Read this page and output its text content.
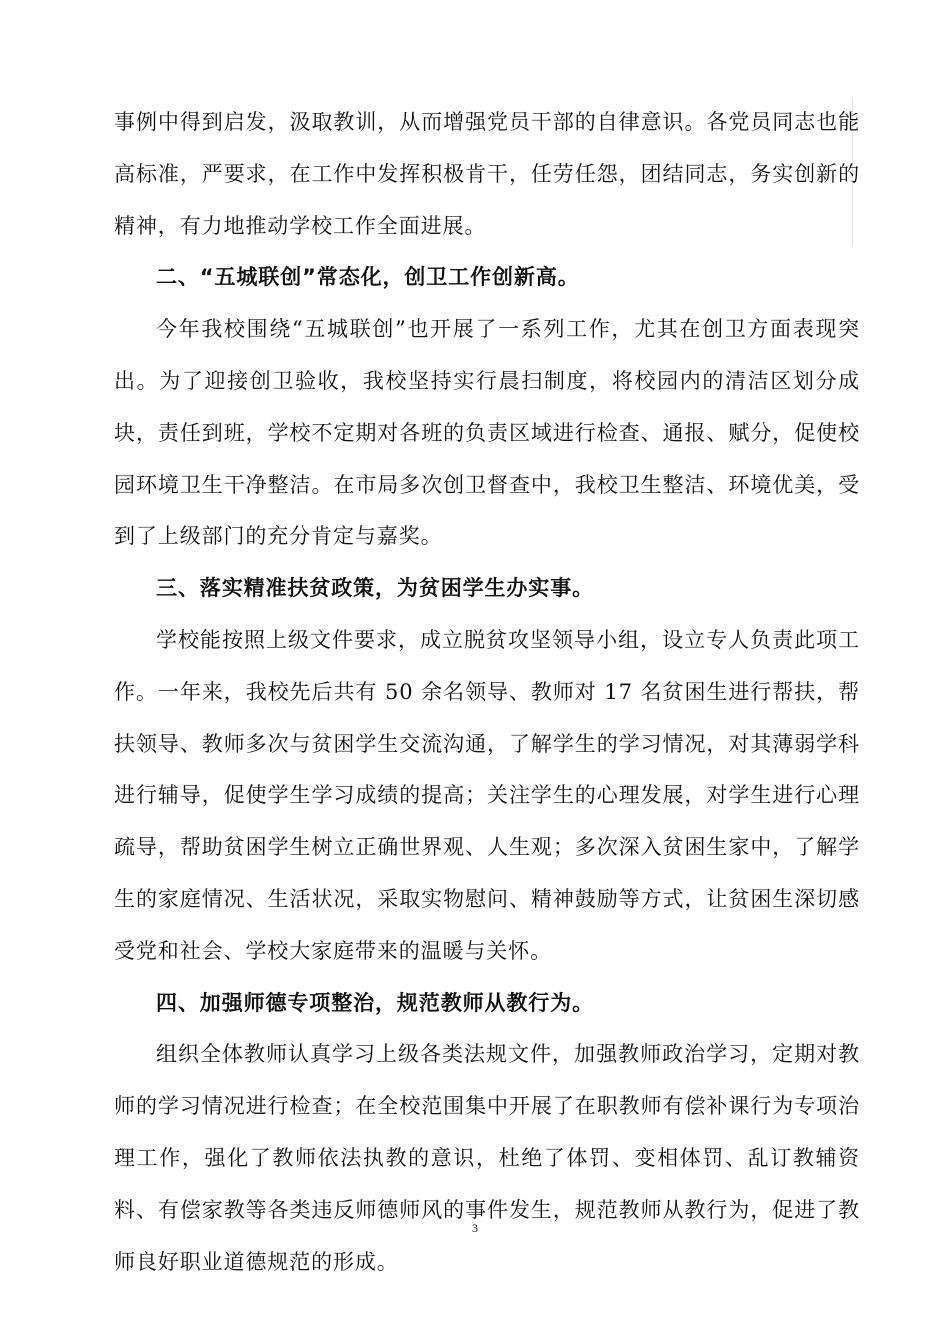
事例中得到启发，汲取教训，从而增强党员干部的自律意识。各党员同志也能高标准，严要求，在工作中发挥积极肯干，任劳任怨，团结同志，务实创新的精神，有力地推动学校工作全面进展。

二、“五城联创”常态化，创卫工作创新高。

今年我校围绕“五城联创”也开展了一系列工作，尤其在创卫方面表现突出。为了迎接创卫验收，我校坚持实行晨扫制度，将校园内的清洁区划分成块，责任到班，学校不定期对各班的负责区域进行检查、通报、赋分，促使校园环境卫生干净整洁。在市局多次创卫督查中，我校卫生整洁、环境优美，受到了上级部门的充分肯定与嘉奖。

三、落实精准扶贫政策，为贫困学生办实事。

学校能按照上级文件要求，成立脱贫攻坚领导小组，设立专人负责此项工作。一年来，我校先后共有 50 余名领导、教师对 17 名贫困生进行帮扶，帮扶领导、教师多次与贫困学生交流沟通，了解学生的学习情况，对其薄弱学科进行辅导，促使学生学习成绩的提高；关注学生的心理发展，对学生进行心理疏导，帮助贫困学生树立正确世界观、人生观；多次深入贫困生家中，了解学生的家庭情况、生活状况，采取实物慰问、精神鼓励等方式，让贫困生深切感受党和社会、学校大家庭带来的温暖与关怀。

四、加强师德专项整治，规范教师从教行为。

组织全体教师认真学习上级各类法规文件，加强教师政治学习，定期对教师的学习情况进行检查；在全校范围集中开展了在职教师有偿补课行为专项治理工作，强化了教师依法执教的意识，杜绝了体罚、变相体罚、乱订教辅资料、有偿家教等各类违反师德师风的事件发生，规范教师从教行为，促进了教师良好职业道德规范的形成。

3
